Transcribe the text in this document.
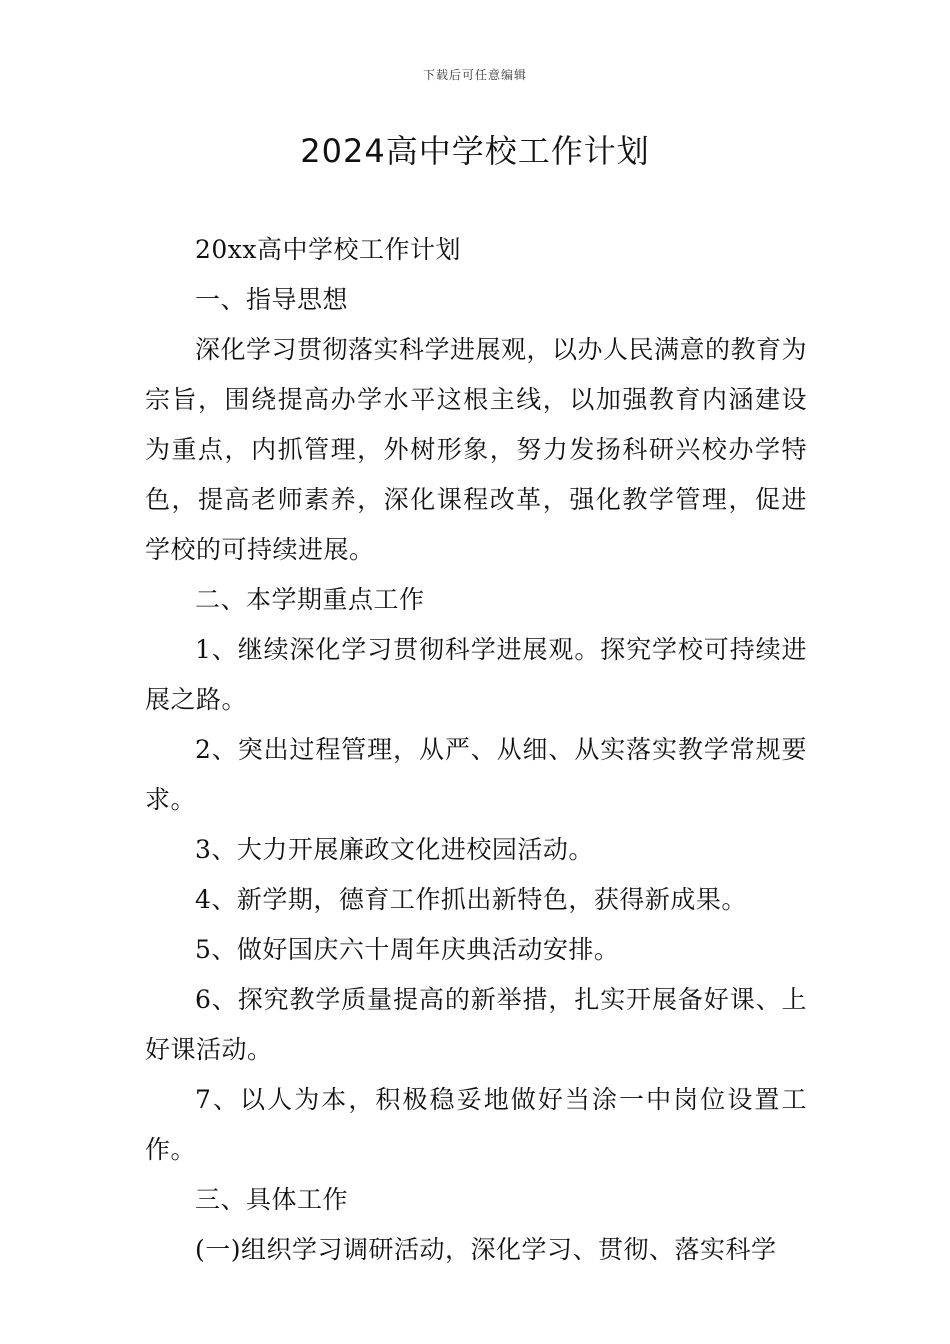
下载后可任意编辑
2024高中学校工作计划

20xx高中学校工作计划

一、指导思想

深化学习贯彻落实科学进展观，以办人民满意的教育为宗旨，围绕提高办学水平这根主线，以加强教育内涵建设为重点，内抓管理，外树形象，努力发扬科研兴校办学特色，提高老师素养，深化课程改革，强化教学管理，促进学校的可持续进展。

二、本学期重点工作

1、继续深化学习贯彻科学进展观。探究学校可持续进展之路。

2、突出过程管理，从严、从细、从实落实教学常规要求。

3、大力开展廉政文化进校园活动。

4、新学期，德育工作抓出新特色，获得新成果。

5、做好国庆六十周年庆典活动安排。

6、探究教学质量提高的新举措，扎实开展备好课、上好课活动。

7、以人为本，积极稳妥地做好当涂一中岗位设置工作。

三、具体工作

(一)组织学习调研活动，深化学习、贯彻、落实科学
